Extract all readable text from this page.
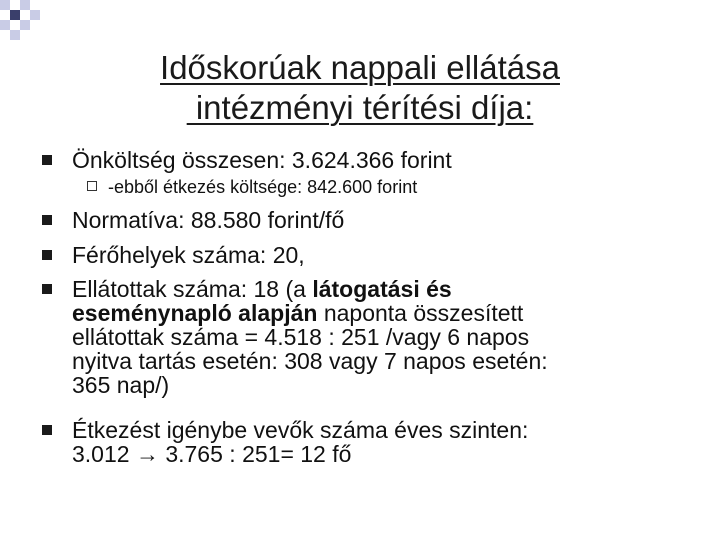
Időskorúak nappali ellátása
intézményi térítési díja:
Önköltség összesen: 3.624.366 forint
-ebből étkezés költsége: 842.600 forint
Normatíva: 88.580 forint/fő
Férőhelyek száma: 20,
Ellátottak száma: 18 (a látogatási és
eseménynapló alapján naponta összesített
ellátottak száma = 4.518 : 251 /vagy 6 napos
nyitva tartás esetén: 308 vagy 7 napos esetén:
365 nap/)
Étkezést igénybe vevők száma éves szinten:
3.012 → 3.765 : 251= 12 fő
